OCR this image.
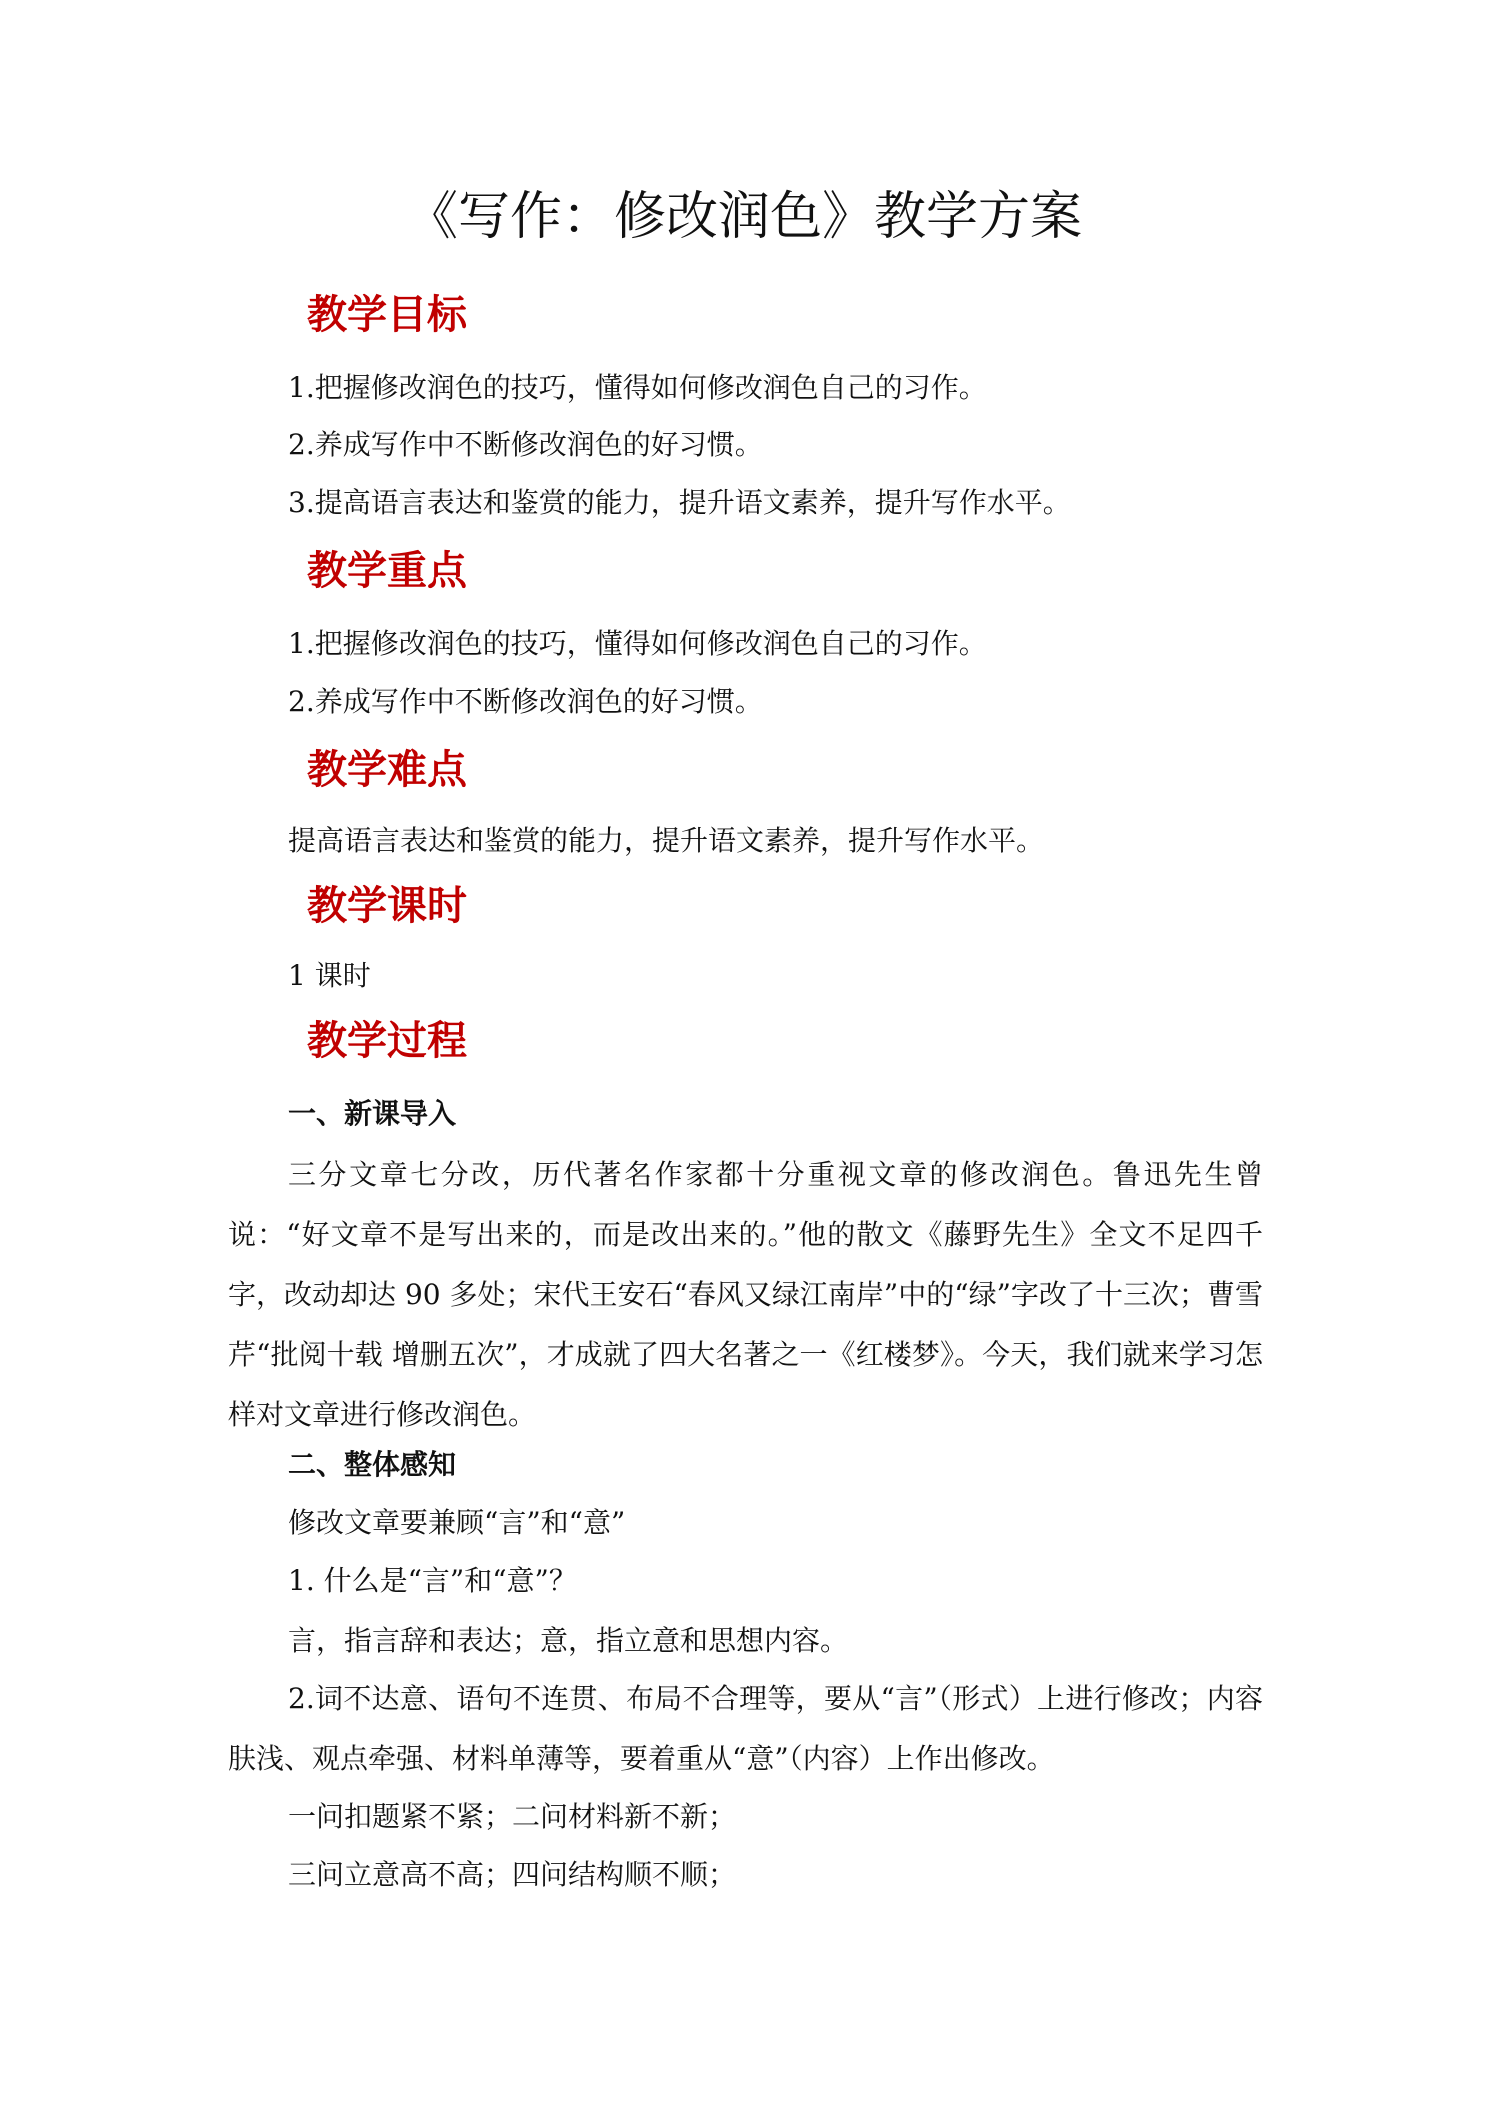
《写作：修改润色》教学方案
教学目标
1.把握修改润色的技巧，懂得如何修改润色自己的习作。
2.养成写作中不断修改润色的好习惯。
3.提高语言表达和鉴赏的能力，提升语文素养，提升写作水平。
教学重点
1.把握修改润色的技巧，懂得如何修改润色自己的习作。
2.养成写作中不断修改润色的好习惯。
教学难点
提高语言表达和鉴赏的能力，提升语文素养，提升写作水平。
教学课时
1 课时
教学过程
一、新课导入
三分文章七分改，历代著名作家都十分重视文章的修改润色。鲁迅先生曾说：“好文章不是写出来的，而是改出来的。”他的散文《藤野先生》全文不足四千字，改动却达 90 多处；宋代王安石“春风又绿江南岸”中的“绿”字改了十三次；曹雪芹“批阅十载 增删五次”，才成就了四大名著之一《红楼梦》。今天，我们就来学习怎样对文章进行修改润色。
二、整体感知
修改文章要兼顾“言”和“意”
1. 什么是“言”和“意”？
言，指言辞和表达；意，指立意和思想内容。
2.词不达意、语句不连贯、布局不合理等，要从“言”（形式）上进行修改；内容肤浅、观点牵强、材料单薄等，要着重从“意”（内容）上作出修改。
一问扣题紧不紧；二问材料新不新；
三问立意高不高；四问结构顺不顺；
